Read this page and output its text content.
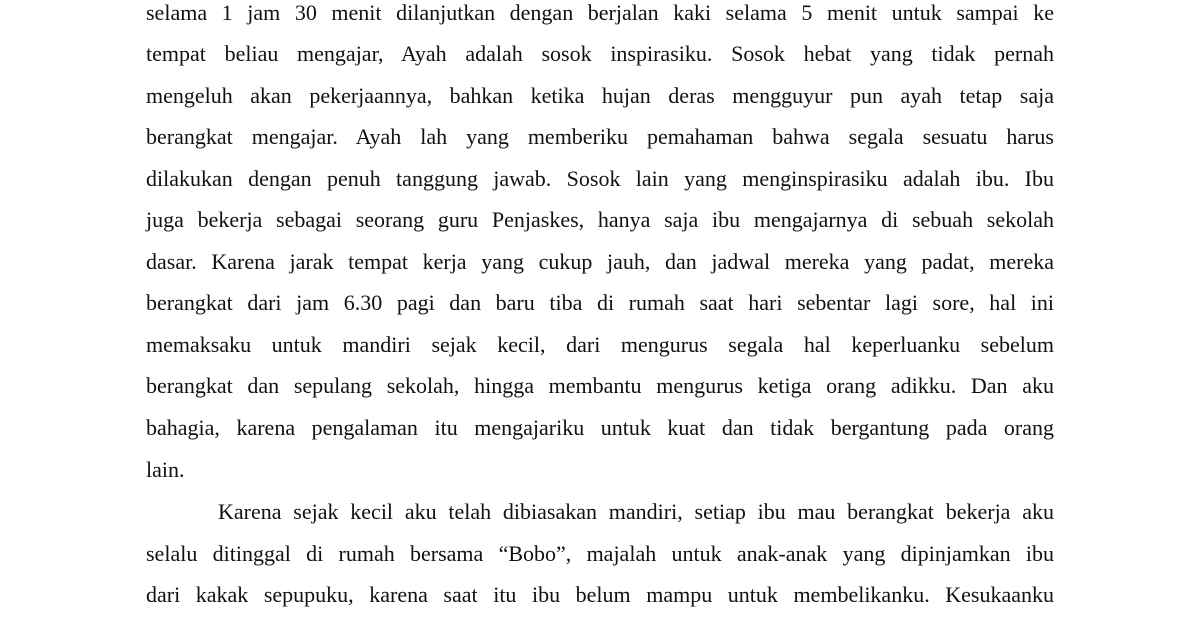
selama 1 jam 30 menit dilanjutkan dengan berjalan kaki selama 5 menit untuk sampai ke
tempat beliau mengajar, Ayah adalah sosok inspirasiku. Sosok hebat yang tidak pernah
mengeluh akan pekerjaannya, bahkan ketika hujan deras mengguyur pun ayah tetap saja
berangkat mengajar. Ayah lah yang memberiku pemahaman bahwa segala sesuatu harus
dilakukan dengan penuh tanggung jawab. Sosok lain yang menginspirasiku adalah ibu. Ibu
juga bekerja sebagai seorang guru Penjaskes, hanya saja ibu mengajarnya di sebuah sekolah
dasar. Karena jarak tempat kerja yang cukup jauh, dan jadwal mereka yang padat, mereka
berangkat dari jam 6.30 pagi dan baru tiba di rumah saat hari sebentar lagi sore, hal ini
memaksaku untuk mandiri sejak kecil, dari mengurus segala hal keperluanku sebelum
berangkat dan sepulang sekolah, hingga membantu mengurus ketiga orang adikku. Dan aku
bahagia, karena pengalaman itu mengajariku untuk kuat dan tidak bergantung pada orang
lain.
Karena sejak kecil aku telah dibiasakan mandiri, setiap ibu mau berangkat bekerja aku
selalu ditinggal di rumah bersama “Bobo”, majalah untuk anak-anak yang dipinjamkan ibu
dari kakak sepupuku, karena saat itu ibu belum mampu untuk membelikanku. Kesukaanku
